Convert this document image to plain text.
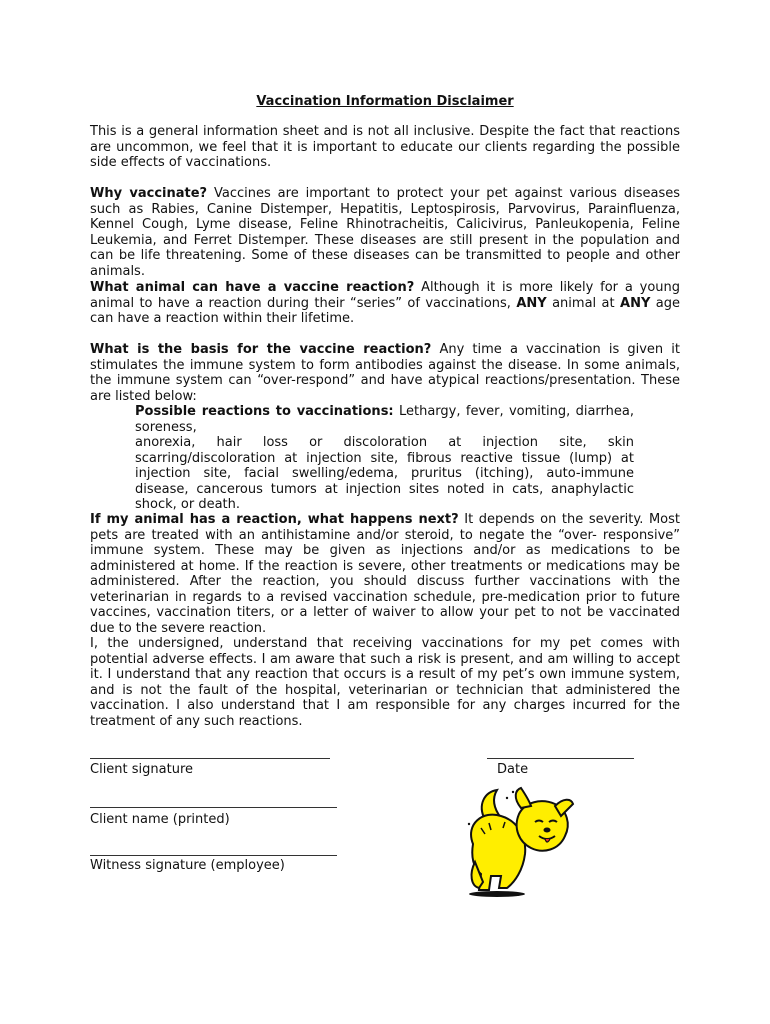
Vaccination Information Disclaimer

This is a general information sheet and is not all inclusive. Despite the fact that reactions are uncommon, we feel that it is important to educate our clients regarding the possible side effects of vaccinations.

Why vaccinate? Vaccines are important to protect your pet against various diseases such as Rabies, Canine Distemper, Hepatitis, Leptospirosis, Parvovirus, Parainfluenza, Kennel Cough, Lyme disease, Feline Rhinotracheitis, Calicivirus, Panleukopenia, Feline Leukemia, and Ferret Distemper. These diseases are still present in the population and can be life threatening. Some of these diseases can be transmitted to people and other animals.

What animal can have a vaccine reaction? Although it is more likely for a young animal to have a reaction during their “series” of vaccinations, ANY animal at ANY age can have a reaction within their lifetime.

What is the basis for the vaccine reaction? Any time a vaccination is given it stimulates the immune system to form antibodies against the disease. In some animals, the immune system can “over-respond” and have atypical reactions/presentation. These are listed below:

Possible reactions to vaccinations: Lethargy, fever, vomiting, diarrhea, soreness,
anorexia, hair loss or discoloration at injection site, skin scarring/discoloration at injection site, fibrous reactive tissue (lump) at injection site, facial swelling/edema, pruritus (itching), auto-immune disease, cancerous tumors at injection sites noted in cats, anaphylactic shock, or death.

If my animal has a reaction, what happens next? It depends on the severity. Most pets are treated with an antihistamine and/or steroid, to negate the “over- responsive” immune system. These may be given as injections and/or as medications to be administered at home. If the reaction is severe, other treatments or medications may be administered. After the reaction, you should discuss further vaccinations with the veterinarian in regards to a revised vaccination schedule, pre-medication prior to future vaccines, vaccination titers, or a letter of waiver to allow your pet to not be vaccinated due to the severe reaction.

I, the undersigned, understand that receiving vaccinations for my pet comes with potential adverse effects. I am aware that such a risk is present, and am willing to accept it. I understand that any reaction that occurs is a result of my pet’s own immune system, and is not the fault of the hospital, veterinarian or technician that administered the vaccination. I also understand that I am responsible for any charges incurred for the treatment of any such reactions.

Client signature	Date
Client name (printed)
Witness signature (employee)
